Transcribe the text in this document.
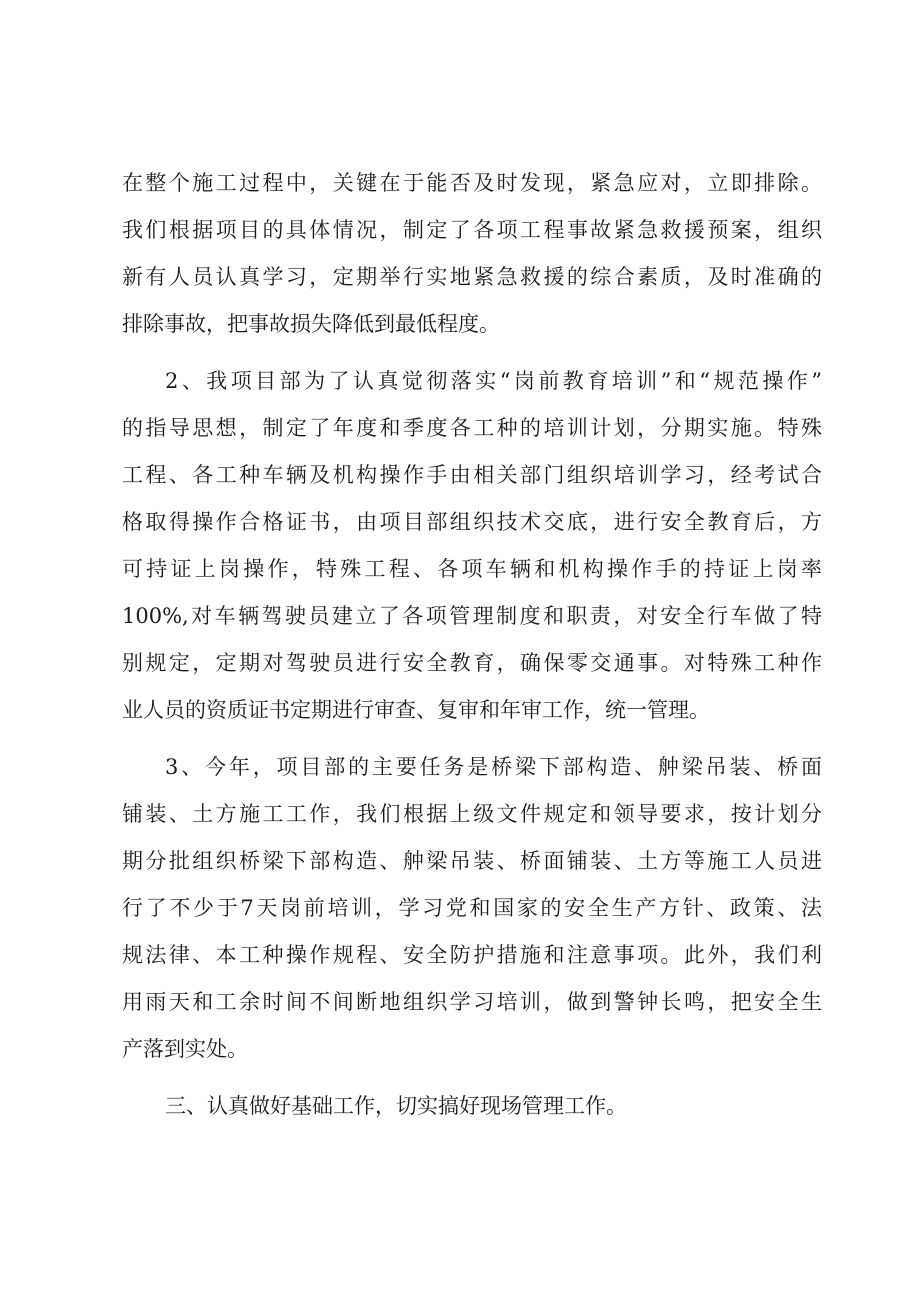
在整个施工过程中，关键在于能否及时发现，紧急应对，立即排除。
我们根据项目的具体情况，制定了各项工程事故紧急救援预案，组织
新有人员认真学习，定期举行实地紧急救援的综合素质，及时准确的
排除事故，把事故损失降低到最低程度。
2、我项目部为了认真觉彻落实“岗前教育培训”和“规范操作”
的指导思想，制定了年度和季度各工种的培训计划，分期实施。特殊
工程、各工种车辆及机构操作手由相关部门组织培训学习，经考试合
格取得操作合格证书，由项目部组织技术交底，进行安全教育后，方
可持证上岗操作，特殊工程、各项车辆和机构操作手的持证上岗率
100%,对车辆驾驶员建立了各项管理制度和职责，对安全行车做了特
别规定，定期对驾驶员进行安全教育，确保零交通事。对特殊工种作
业人员的资质证书定期进行审查、复审和年审工作，统一管理。
3、今年，项目部的主要任务是桥梁下部构造、舯梁吊装、桥面
铺装、土方施工工作，我们根据上级文件规定和领导要求，按计划分
期分批组织桥梁下部构造、舯梁吊装、桥面铺装、土方等施工人员进
行了不少于7天岗前培训，学习党和国家的安全生产方针、政策、法
规法律、本工种操作规程、安全防护措施和注意事项。此外，我们利
用雨天和工余时间不间断地组织学习培训，做到警钟长鸣，把安全生
产落到实处。
三、认真做好基础工作，切实搞好现场管理工作。
